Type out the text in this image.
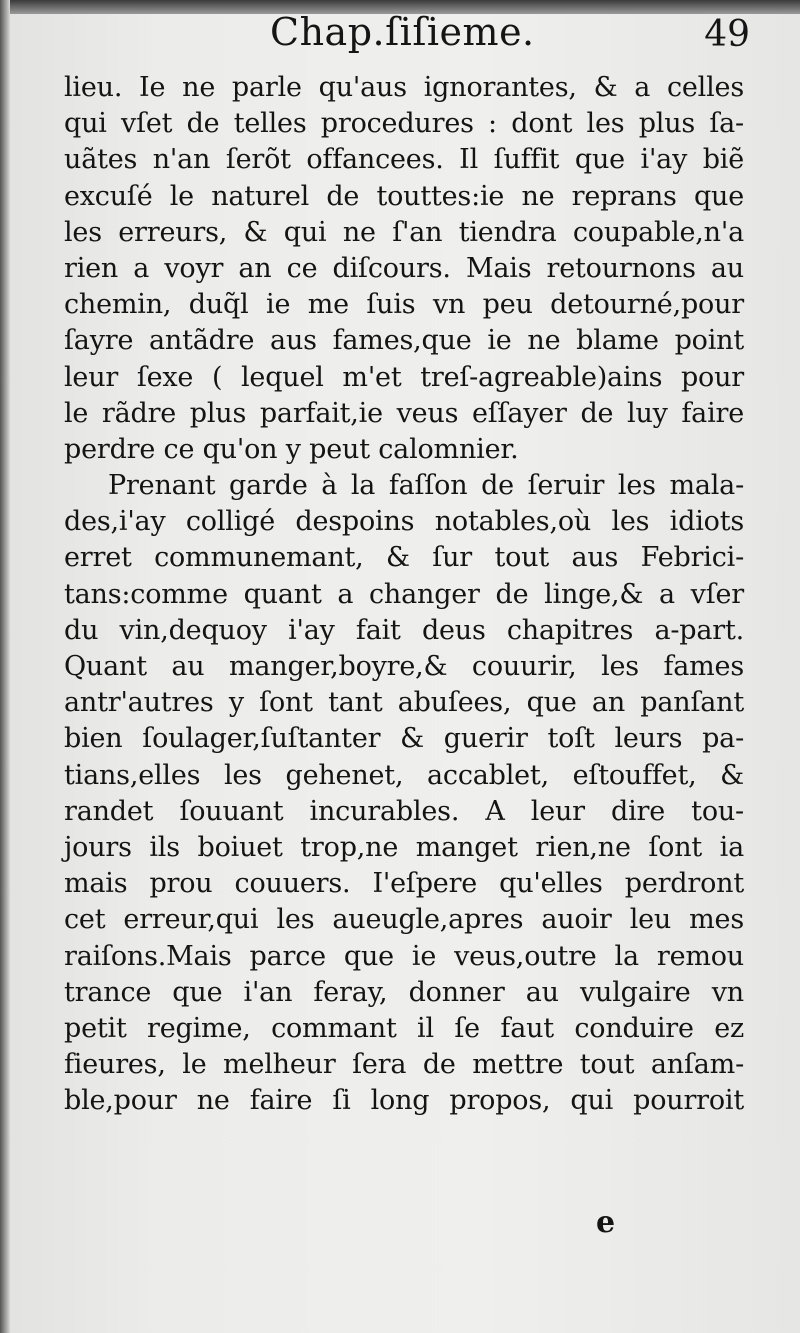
Chap.ſiſieme.	49
lieu. Ie ne parle qu'aus ignorantes, & a celles
qui vſet de telles procedures : dont les plus ſa-
uãtes n'an ſerõt offancees. Il ſuffit que i'ay biẽ
excuſé le naturel de touttes:ie ne reprans que
les erreurs, & qui ne ſ'an tiendra coupable,n'a
rien a voyr an ce diſcours. Mais retournons au
chemin, duq̃l ie me ſuis vn peu detourné,pour
ſayre antãdre aus fames,que ie ne blame point
leur ſexe ( lequel m'et treſ-agreable)ains pour
le rãdre plus parfait,ie veus eſſayer de luy faire
perdre ce qu'on y peut calomnier.
Prenant garde à la faſſon de ſeruir les mala-
des,i'ay colligé despoins notables,où les idiots
erret communemant, & ſur tout aus Febrici-
tans:comme quant a changer de linge,& a vſer
du vin,dequoy i'ay fait deus chapitres a-part.
Quant au manger,boyre,& couurir, les fames
antr'autres y ſont tant abuſees, que an panſant
bien ſoulager,ſuſtanter & guerir toſt leurs pa-
tians,elles les gehenet, accablet, eſtouffet, &
randet ſouuant incurables. A leur dire tou-
jours ils boiuet trop,ne manget rien,ne ſont ia
mais prou couuers. I'eſpere qu'elles perdront
cet erreur,qui les aueugle,apres auoir leu mes
raiſons.Mais parce que ie veus,outre la remou
trance que i'an feray, donner au vulgaire vn
petit regime, commant il ſe faut conduire ez
fieures, le melheur ſera de mettre tout anſam-
ble,pour ne faire ſi long propos, qui pourroit
e
